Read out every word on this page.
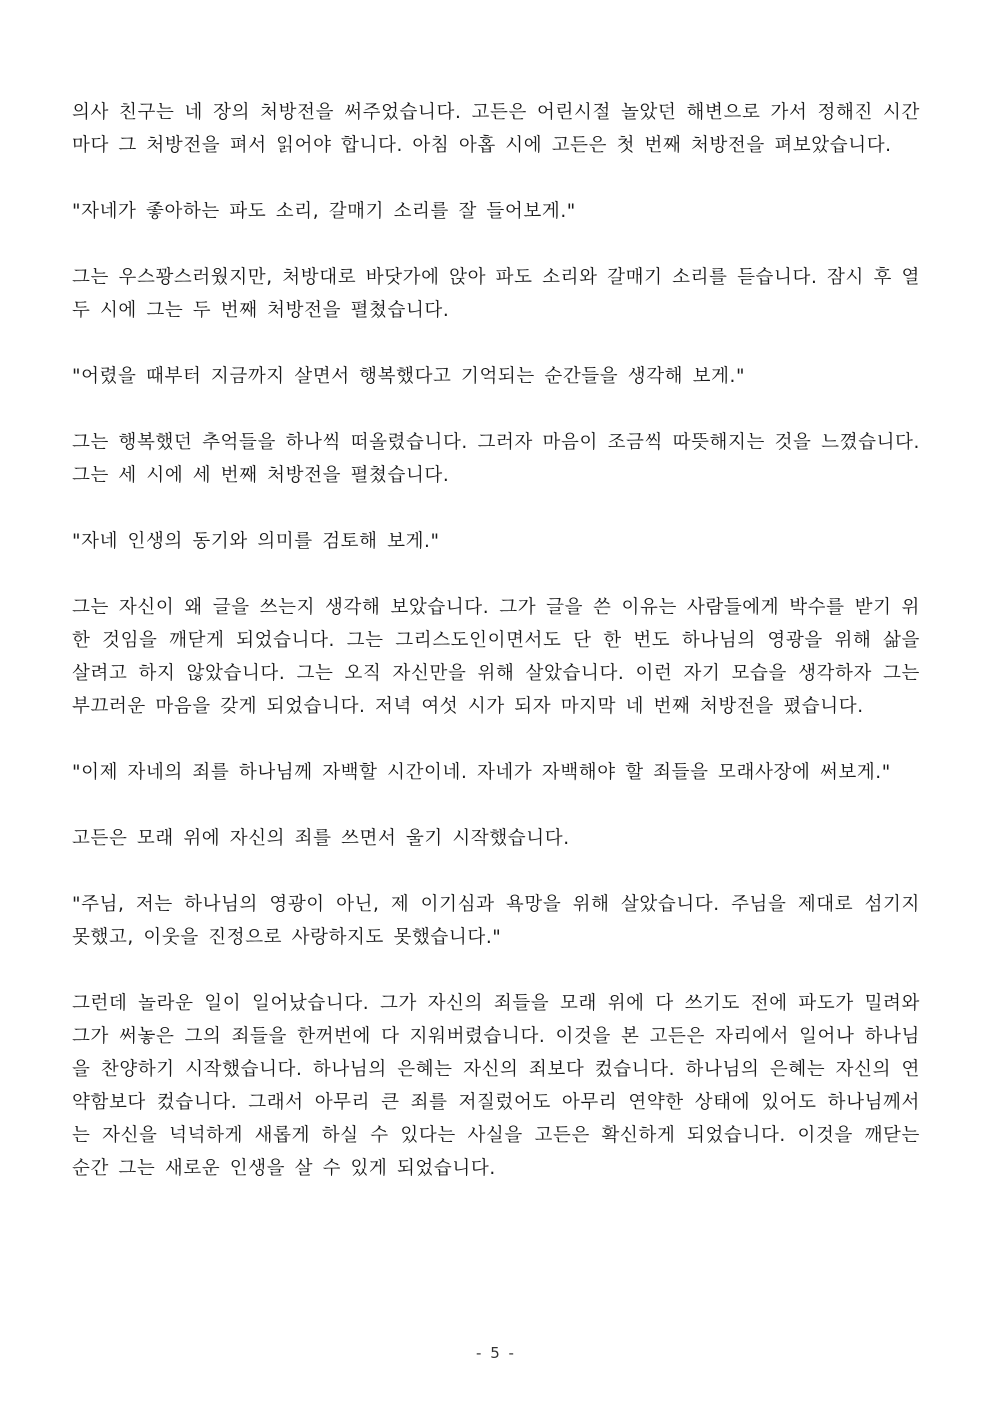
의사 친구는 네 장의 처방전을 써주었습니다. 고든은 어린시절 놀았던 해변으로 가서 정해진 시간마다 그 처방전을 펴서 읽어야 합니다. 아침 아홉 시에 고든은 첫 번째 처방전을 펴보았습니다.

"자네가 좋아하는 파도 소리, 갈매기 소리를 잘 들어보게."

그는 우스꽝스러웠지만, 처방대로 바닷가에 앉아 파도 소리와 갈매기 소리를 듣습니다. 잠시 후 열두 시에 그는 두 번째 처방전을 펼쳤습니다.

"어렸을 때부터 지금까지 살면서 행복했다고 기억되는 순간들을 생각해 보게."

그는 행복했던 추억들을 하나씩 떠올렸습니다. 그러자 마음이 조금씩 따뜻해지는 것을 느꼈습니다. 그는 세 시에 세 번째 처방전을 펼쳤습니다.

"자네 인생의 동기와 의미를 검토해 보게."

그는 자신이 왜 글을 쓰는지 생각해 보았습니다. 그가 글을 쓴 이유는 사람들에게 박수를 받기 위한 것임을 깨닫게 되었습니다. 그는 그리스도인이면서도 단 한 번도 하나님의 영광을 위해 삶을 살려고 하지 않았습니다. 그는 오직 자신만을 위해 살았습니다. 이런 자기 모습을 생각하자 그는 부끄러운 마음을 갖게 되었습니다. 저녁 여섯 시가 되자 마지막 네 번째 처방전을 폈습니다.

"이제 자네의 죄를 하나님께 자백할 시간이네. 자네가 자백해야 할 죄들을 모래사장에 써보게."

고든은 모래 위에 자신의 죄를 쓰면서 울기 시작했습니다.

"주님, 저는 하나님의 영광이 아닌, 제 이기심과 욕망을 위해 살았습니다. 주님을 제대로 섬기지 못했고, 이웃을 진정으로 사랑하지도 못했습니다."

그런데 놀라운 일이 일어났습니다. 그가 자신의 죄들을 모래 위에 다 쓰기도 전에 파도가 밀려와 그가 써놓은 그의 죄들을 한꺼번에 다 지워버렸습니다. 이것을 본 고든은 자리에서 일어나 하나님을 찬양하기 시작했습니다. 하나님의 은혜는 자신의 죄보다 컸습니다. 하나님의 은혜는 자신의 연약함보다 컸습니다. 그래서 아무리 큰 죄를 저질렀어도 아무리 연약한 상태에 있어도 하나님께서는 자신을 넉넉하게 새롭게 하실 수 있다는 사실을 고든은 확신하게 되었습니다. 이것을 깨닫는 순간 그는 새로운 인생을 살 수 있게 되었습니다.

- 5 -
